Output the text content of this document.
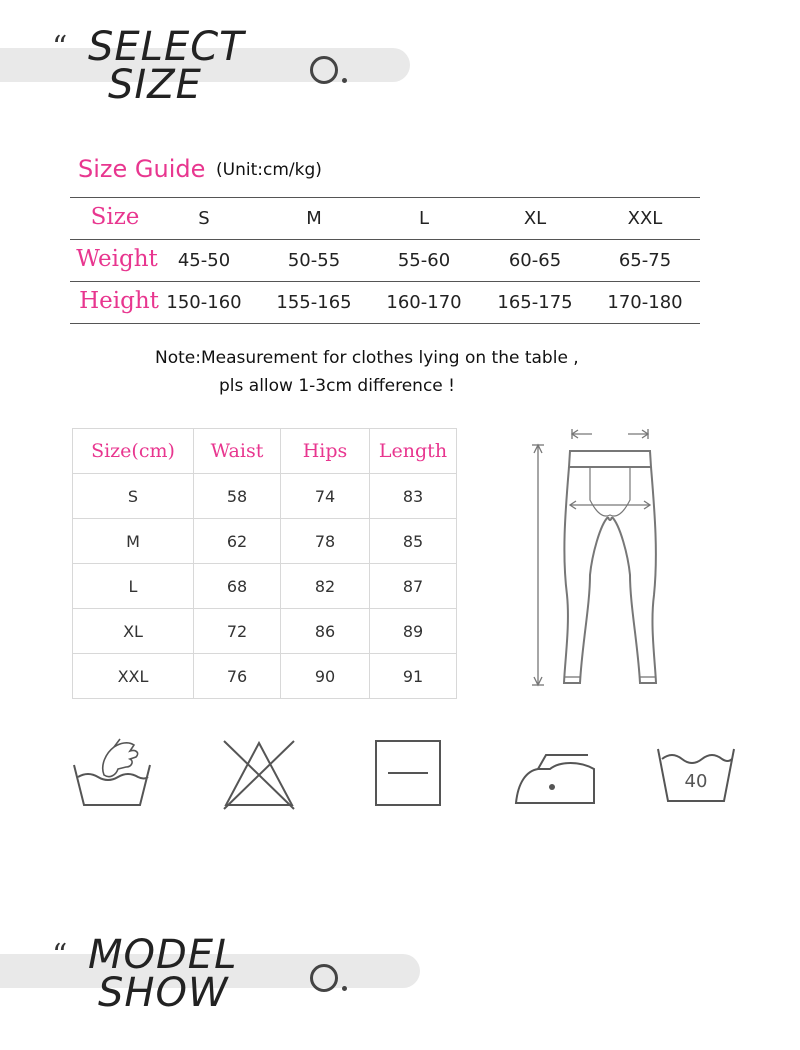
“ SELECT
SIZE
Size Guide (Unit:cm/kg)
Size	S	M	L	XL	XXL
Weight	45-50	50-55	55-60	60-65	65-75
Height 150-160	155-165	160-170	165-175	170-180
Note:Measurement for clothes lying on the table ,
pls allow 1-3cm difference !
Size(cm)	Waist	Hips	Length
S	58	74	83
M	62	78	85
L	68	82	87
XL	72	86	89
XXL	76	90	91
40
“ MODEL
SHOW
